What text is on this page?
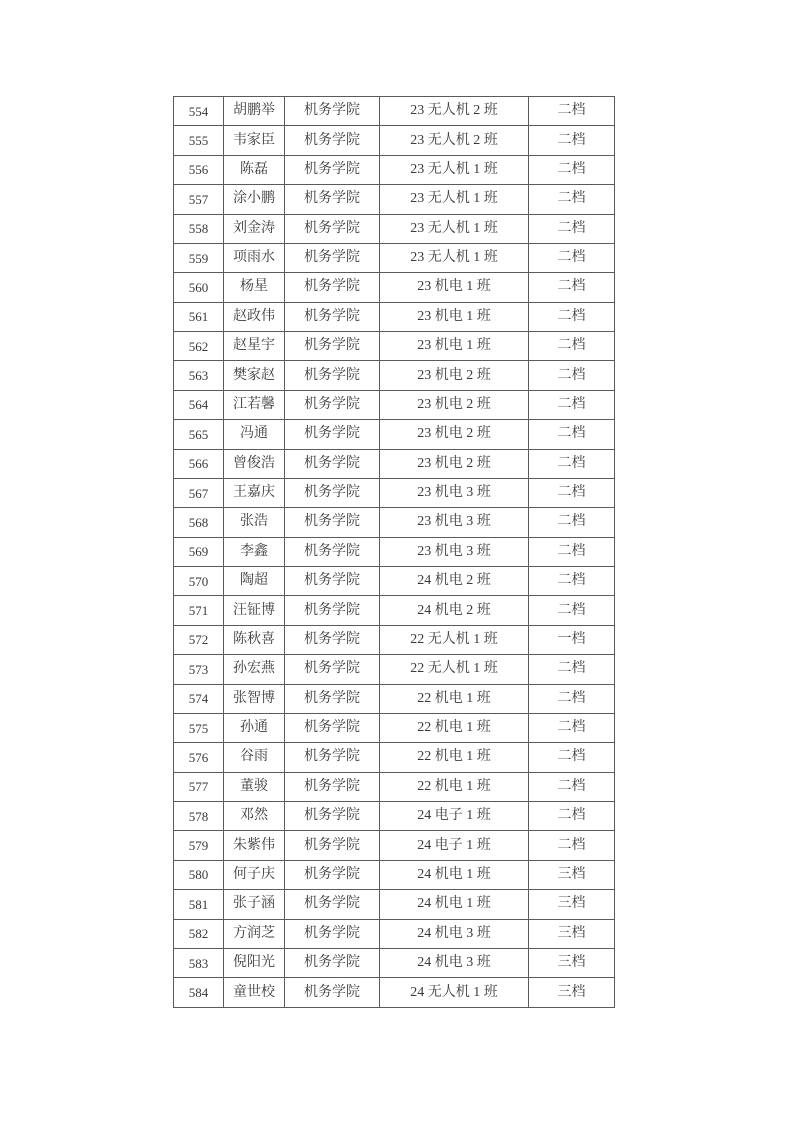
554	胡鹏举	机务学院	23 无人机 2 班	二档
555	韦家臣	机务学院	23 无人机 2 班	二档
556	陈磊	机务学院	23 无人机 1 班	二档
557	涂小鹏	机务学院	23 无人机 1 班	二档
558	刘金涛	机务学院	23 无人机 1 班	二档
559	项雨水	机务学院	23 无人机 1 班	二档
560	杨星	机务学院	23 机电 1 班	二档
561	赵政伟	机务学院	23 机电 1 班	二档
562	赵星宇	机务学院	23 机电 1 班	二档
563	樊家赵	机务学院	23 机电 2 班	二档
564	江若馨	机务学院	23 机电 2 班	二档
565	冯通	机务学院	23 机电 2 班	二档
566	曾俊浩	机务学院	23 机电 2 班	二档
567	王嘉庆	机务学院	23 机电 3 班	二档
568	张浩	机务学院	23 机电 3 班	二档
569	李鑫	机务学院	23 机电 3 班	二档
570	陶超	机务学院	24 机电 2 班	二档
571	汪钲博	机务学院	24 机电 2 班	二档
572	陈秋喜	机务学院	22 无人机 1 班	一档
573	孙宏燕	机务学院	22 无人机 1 班	二档
574	张智博	机务学院	22 机电 1 班	二档
575	孙通	机务学院	22 机电 1 班	二档
576	谷雨	机务学院	22 机电 1 班	二档
577	董骏	机务学院	22 机电 1 班	二档
578	邓然	机务学院	24 电子 1 班	二档
579	朱紫伟	机务学院	24 电子 1 班	二档
580	何子庆	机务学院	24 机电 1 班	三档
581	张子涵	机务学院	24 机电 1 班	三档
582	方润芝	机务学院	24 机电 3 班	三档
583	倪阳光	机务学院	24 机电 3 班	三档
584	童世校	机务学院	24 无人机 1 班	三档
